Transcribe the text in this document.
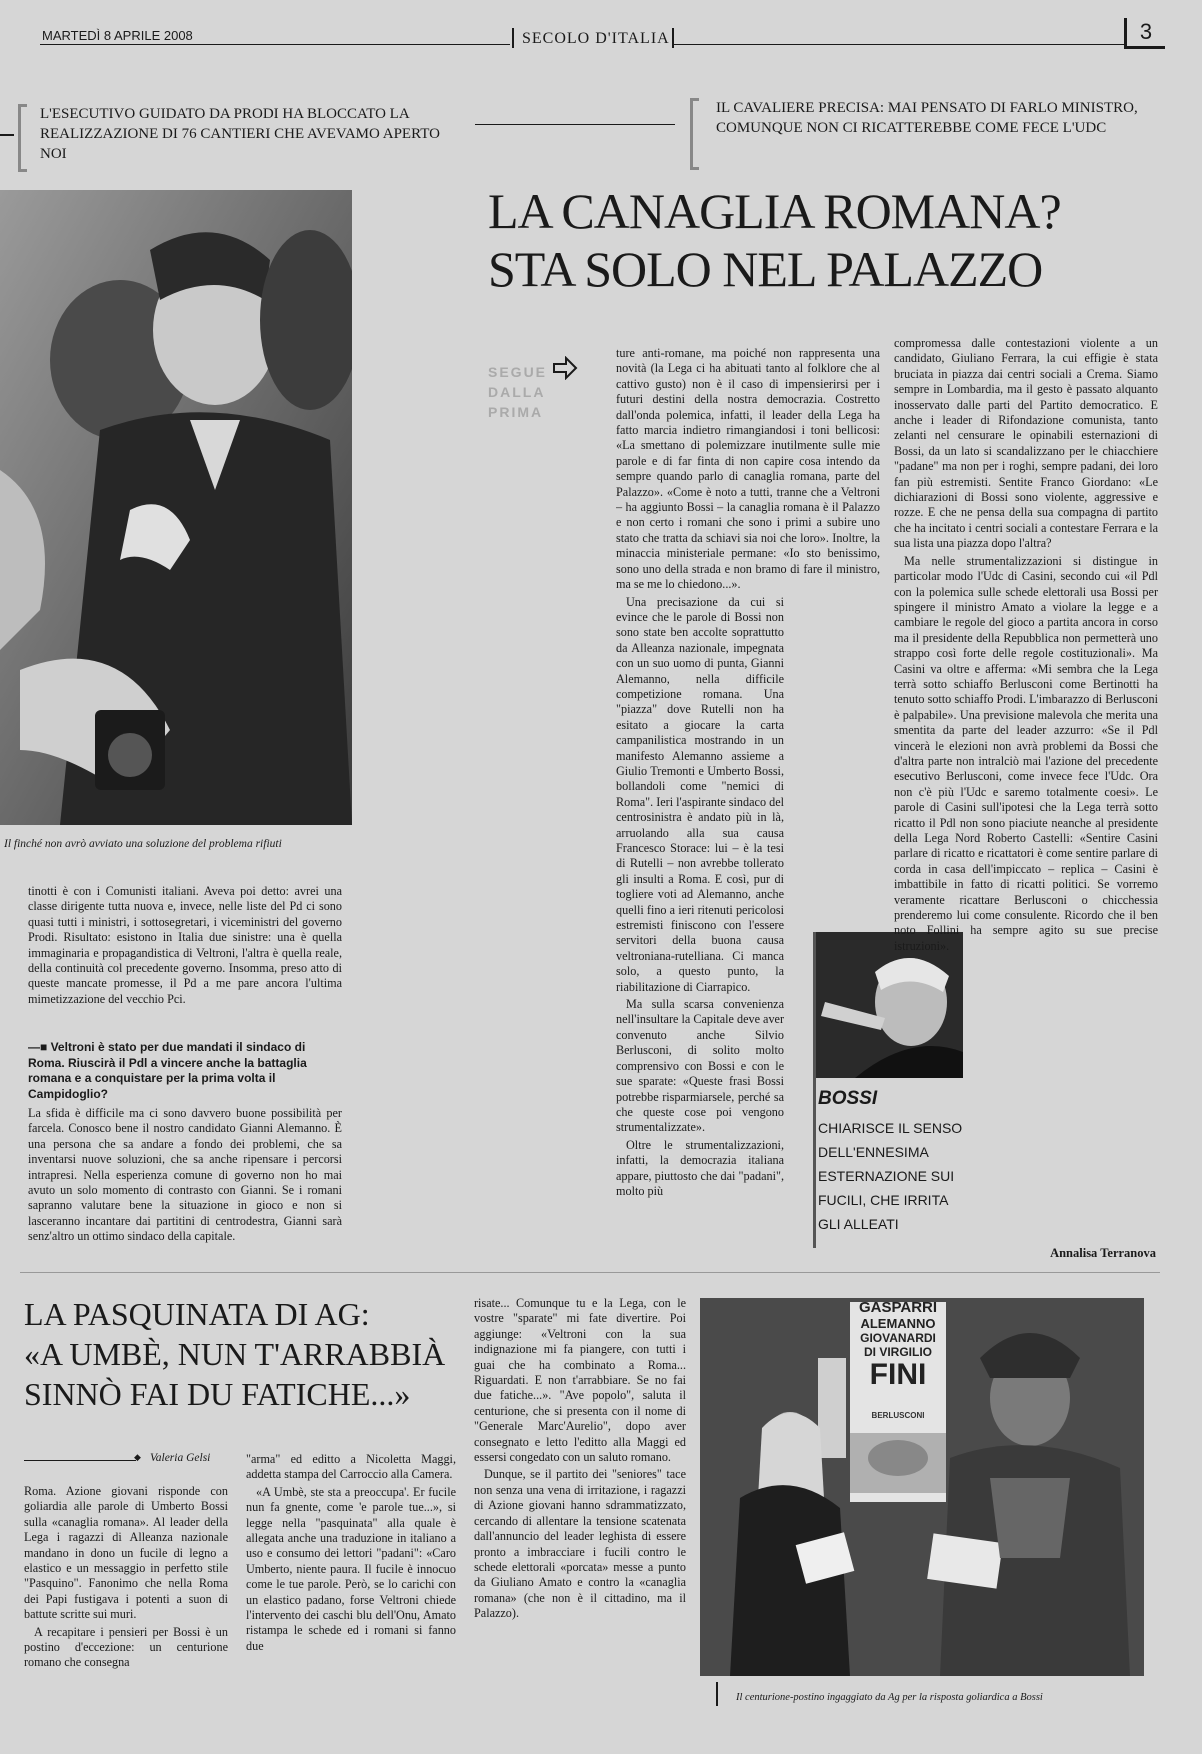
MARTEDÌ 8 APRILE 2008	SECOLO D'ITALIA	3
L'ESECUTIVO GUIDATO DA PRODI HA BLOCCATO LA REALIZZAZIONE DI 76 CANTIERI CHE AVEVAMO APERTO NOI
IL CAVALIERE PRECISA: MAI PENSATO DI FARLO MINISTRO, COMUNQUE NON CI RICATTEREBBE COME FECE L'UDC
Il finché non avrò avviato una soluzione del problema rifiuti
LA CANAGLIA ROMANA?
STA SOLO NEL PALAZZO
SEGUE DALLA PRIMA

tinotti è con i Comunisti italiani. Aveva poi detto: avrei una classe dirigente tutta nuova e, invece, nelle liste del Pd ci sono quasi tutti i ministri, i sottosegretari, i viceministri del governo Prodi. Risultato: esistono in Italia due sinistre: una è quella immaginaria e propagandistica di Veltroni, l'altra è quella reale, della continuità col precedente governo. Insomma, preso atto di queste mancate promesse, il Pd a me pare ancora l'ultima mimetizzazione del vecchio Pci.

—■ Veltroni è stato per due mandati il sindaco di Roma. Riuscirà il Pdl a vincere anche la battaglia romana e a conquistare per la prima volta il Campidoglio?

La sfida è difficile ma ci sono davvero buone possibilità per farcela. Conosco bene il nostro candidato Gianni Alemanno. È una persona che sa andare a fondo dei problemi, che sa inventarsi nuove soluzioni, che sa anche ripensare i percorsi intrapresi. Nella esperienza comune di governo non ho mai avuto un solo momento di contrasto con Gianni. Se i romani sapranno valutare bene la situazione in gioco e non si lasceranno incantare dai partitini di centrodestra, Gianni sarà senz'altro un ottimo sindaco della capitale.

ture anti-romane, ma poiché non rappresenta una novità (la Lega ci ha abituati tanto al folklore che al cattivo gusto) non è il caso di impensierirsi per i futuri destini della nostra democrazia. Costretto dall'onda polemica, infatti, il leader della Lega ha fatto marcia indietro rimangiandosi i toni bellicosi: «La smettano di polemizzare inutilmente sulle mie parole e di far finta di non capire cosa intendo da sempre quando parlo di canaglia romana, parte del Palazzo». «Come è noto a tutti, tranne che a Veltroni – ha aggiunto Bossi – la canaglia romana è il Palazzo e non certo i romani che sono i primi a subire uno stato che tratta da schiavi sia noi che loro». Inoltre, la minaccia ministeriale permane: «Io sto benissimo, sono uno della strada e non bramo di fare il ministro, ma se me lo chiedono...».

Una precisazione da cui si evince che le parole di Bossi non sono state ben accolte soprattutto da Alleanza nazionale, impegnata con un suo uomo di punta, Gianni Alemanno, nella difficile competizione romana. Una "piazza" dove Rutelli non ha esitato a giocare la carta campanilistica mostrando in un manifesto Alemanno assieme a Giulio Tremonti e Umberto Bossi, bollandoli come "nemici di Roma". Ieri l'aspirante sindaco del centrosinistra è andato più in là, arruolando alla sua causa Francesco Storace: lui – è la tesi di Rutelli – non avrebbe tollerato gli insulti a Roma. E così, pur di togliere voti ad Alemanno, anche quelli fino a ieri ritenuti pericolosi estremisti finiscono con l'essere servitori della buona causa veltroniana-rutelliana. Ci manca solo, a questo punto, la riabilitazione di Ciarrapico.

Ma sulla scarsa convenienza nell'insultare la Capitale deve aver convenuto anche Silvio Berlusconi, di solito molto comprensivo con Bossi e con le sue sparate: «Queste frasi Bossi potrebbe risparmiarsele, perché sa che queste cose poi vengono strumentalizzate».

Oltre le strumentalizzazioni, infatti, la democrazia italiana appare, piuttosto che dai "padani", molto più

BOSSI
CHIARISCE IL SENSO DELL'ENNESIMA ESTERNAZIONE SUI FUCILI, CHE IRRITA GLI ALLEATI

compromessa dalle contestazioni violente a un candidato, Giuliano Ferrara, la cui effigie è stata bruciata in piazza dai centri sociali a Crema. Siamo sempre in Lombardia, ma il gesto è passato alquanto inosservato dalle parti del Partito democratico. E anche i leader di Rifondazione comunista, tanto zelanti nel censurare le opinabili esternazioni di Bossi, da un lato si scandalizzano per le chiacchiere "padane" ma non per i roghi, sempre padani, dei loro fan più estremisti. Sentite Franco Giordano: «Le dichiarazioni di Bossi sono violente, aggressive e rozze. E che ne pensa della sua compagna di partito che ha incitato i centri sociali a contestare Ferrara e la sua lista una piazza dopo l'altra?

Ma nelle strumentalizzazioni si distingue in particolar modo l'Udc di Casini, secondo cui «il Pdl con la polemica sulle schede elettorali usa Bossi per spingere il ministro Amato a violare la legge e a cambiare le regole del gioco a partita ancora in corso ma il presidente della Repubblica non permetterà uno strappo così forte delle regole costituzionali». Ma Casini va oltre e afferma: «Mi sembra che la Lega terrà sotto schiaffo Berlusconi come Bertinotti ha tenuto sotto schiaffo Prodi. L'imbarazzo di Berlusconi è palpabile». Una previsione malevola che merita una smentita da parte del leader azzurro: «Se il Pdl vincerà le elezioni non avrà problemi da Bossi che d'altra parte non intralciò mai l'azione del precedente esecutivo Berlusconi, come invece fece l'Udc. Ora non c'è più l'Udc e saremo totalmente coesi». Le parole di Casini sull'ipotesi che la Lega terrà sotto ricatto il Pdl non sono piaciute neanche al presidente della Lega Nord Roberto Castelli: «Sentire Casini parlare di ricatto e ricattatori è come sentire parlare di corda in casa dell'impiccato – replica – Casini è imbattibile in fatto di ricatti politici. Se vorremo veramente ricattare Berlusconi o chicchessia prenderemo lui come consulente. Ricordo che il ben noto Follini ha sempre agito su sue precise istruzioni».

Annalisa Terranova
LA PASQUINATA DI AG:
«A UMBÈ, NUN T'ARRABBIÀ
SINNÒ FAI DU FATICHE...»
◆ Valeria Gelsi

Roma. Azione giovani risponde con goliardia alle parole di Umberto Bossi sulla «canaglia romana». Al leader della Lega i ragazzi di Alleanza nazionale mandano in dono un fucile di legno a elastico e un messaggio in perfetto stile "Pasquino". Fanonimo che nella Roma dei Papi fustigava i potenti a suon di battute scritte sui muri.

A recapitare i pensieri per Bossi è un postino d'eccezione: un centurione romano che consegna

"arma" ed editto a Nicoletta Maggi, addetta stampa del Carroccio alla Camera.

«A Umbè, ste sta a preoccupa'. Er fucile nun fa gnente, come 'e parole tue...», si legge nella "pasquinata" alla quale è allegata anche una traduzione in italiano a uso e consumo dei lettori "padani": «Caro Umberto, niente paura. Il fucile è innocuo come le tue parole. Però, se lo carichi con un elastico padano, forse Veltroni chiede l'intervento dei caschi blu dell'Onu, Amato ristampa le schede ed i romani si fanno due

risate... Comunque tu e la Lega, con le vostre "sparate" mi fate divertire. Poi aggiunge: «Veltroni con la sua indignazione mi fa piangere, con tutti i guai che ha combinato a Roma... Riguardati. E non t'arrabbiare. Se no fai due fatiche...». "Ave popolo", saluta il centurione, che si presenta con il nome di "Generale Marc'Aurelio", dopo aver consegnato e letto l'editto alla Maggi ed essersi congedato con un saluto romano.

Dunque, se il partito dei "seniores" tace non senza una vena di irritazione, i ragazzi di Azione giovani hanno sdrammatizzato, cercando di allentare la tensione scatenata dall'annuncio del leader leghista di essere pronto a imbracciare i fucili contro le schede elettorali «porcata» messe a punto da Giuliano Amato e contro la «canaglia romana» (che non è il cittadino, ma il Palazzo).

GASPARRI
ALEMANNO
GIOVANARDI
DI VIRGILIO
FINI
BERLUSCONI
Il centurione-postino ingaggiato da Ag per la risposta goliardica a Bossi
